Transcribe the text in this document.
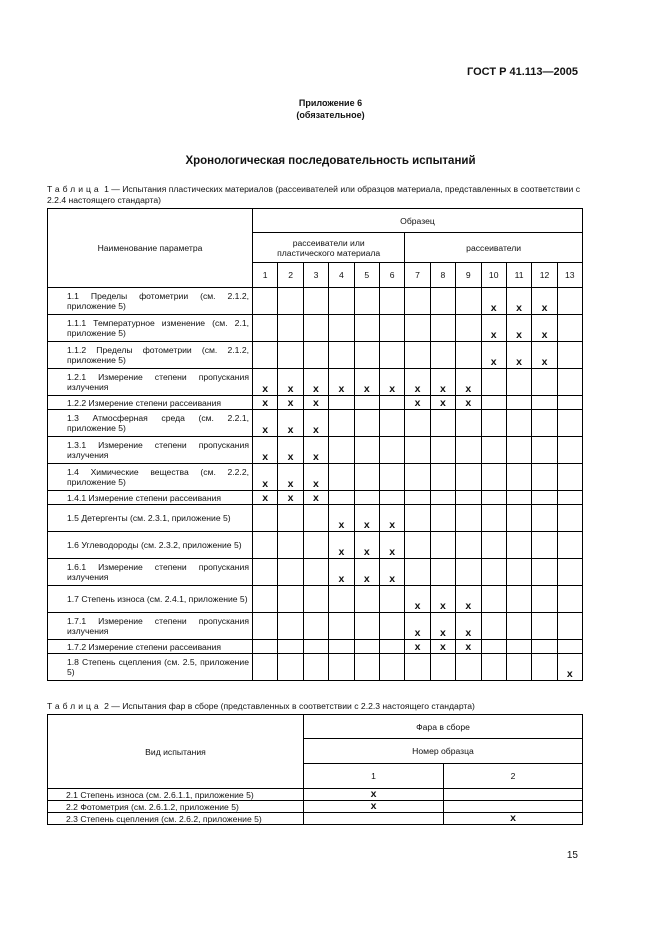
ГОСТ Р 41.113—2005
Приложение 6
(обязательное)
Хронологическая последовательность испытаний
Таблица 1 — Испытания пластических материалов (рассеивателей или образцов материала, представленных в соответствии с 2.2.4 настоящего стандарта)
Наименование параметра	Образец												
	рассеиватели или пластического материала						рассеиватели						
	1	2	3	4	5	6	7	8	9	10	11	12	13
1.1 Пределы фотометрии (см. 2.1.2, приложение 5)										x	x	x	
1.1.1 Температурное изменение (см. 2.1, приложение 5)										x	x	x	
1.1.2 Пределы фотометрии (см. 2.1.2, приложение 5)										x	x	x	
1.2.1 Измерение степени пропускания излучения	x	x	x	x	x	x	x	x	x				
1.2.2 Измерение степени рассеивания	x	x	x				x	x	x				
1.3 Атмосферная среда (см. 2.2.1, приложение 5)	x	x	x										
1.3.1 Измерение степени пропускания излучения	x	x	x										
1.4 Химические вещества (см. 2.2.2, приложение 5)	x	x	x										
1.4.1 Измерение степени рассеивания	x	x	x										
1.5 Детергенты (см. 2.3.1, приложение 5)				x	x	x							
1.6 Углеводороды (см. 2.3.2, приложение 5)				x	x	x							
1.6.1 Измерение степени пропускания излучения				x	x	x							
1.7 Степень износа (см. 2.4.1, приложение 5)							x	x	x				
1.7.1 Измерение степени пропускания излучения							x	x	x				
1.7.2 Измерение степени рассеивания							x	x	x				
1.8 Степень сцепления (см. 2.5, приложение 5)													x
Таблица 2 — Испытания фар в сборе (представленных в соответствии с 2.2.3 настоящего стандарта)
Вид испытания	Фара в сборе	
	Номер образца	
	1	2
2.1 Степень износа (см. 2.6.1.1, приложение 5)	x	
2.2 Фотометрия (см. 2.6.1.2, приложение 5)	x	
2.3 Степень сцепления (см. 2.6.2, приложение 5)		x
15
